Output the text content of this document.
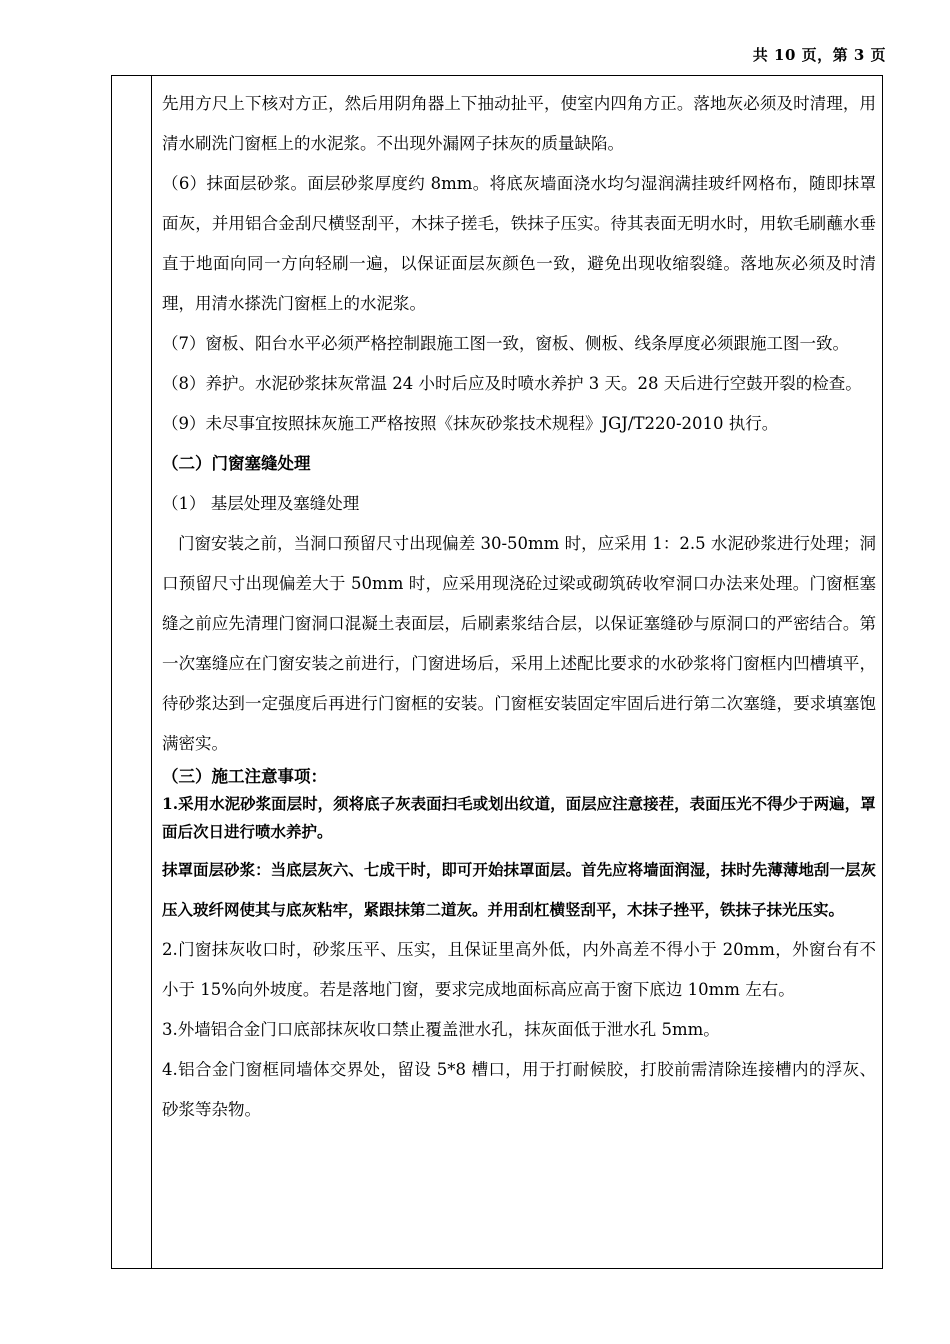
共 10 页，第 3 页

先用方尺上下核对方正，然后用阴角器上下抽动扯平，使室内四角方正。落地灰必须及时清理，用清水刷洗门窗框上的水泥浆。不出现外漏网子抹灰的质量缺陷。

（6）抹面层砂浆。面层砂浆厚度约 8mm。将底灰墙面浇水均匀湿润满挂玻纤网格布，随即抹罩面灰，并用铝合金刮尺横竖刮平，木抹子搓毛，铁抹子压实。待其表面无明水时，用软毛刷蘸水垂直于地面向同一方向轻刷一遍，以保证面层灰颜色一致，避免出现收缩裂缝。落地灰必须及时清理，用清水搽洗门窗框上的水泥浆。

（7）窗板、阳台水平必须严格控制跟施工图一致，窗板、侧板、线条厚度必须跟施工图一致。

（8）养护。水泥砂浆抹灰常温 24 小时后应及时喷水养护 3 天。28 天后进行空鼓开裂的检查。

（9）未尽事宜按照抹灰施工严格按照《抹灰砂浆技术规程》JGJ/T220-2010 执行。

（二）门窗塞缝处理

（1） 基层处理及塞缝处理

门窗安装之前，当洞口预留尺寸出现偏差 30-50mm 时，应采用 1：2.5 水泥砂浆进行处理；洞口预留尺寸出现偏差大于 50mm 时，应采用现浇砼过梁或砌筑砖收窄洞口办法来处理。门窗框塞缝之前应先清理门窗洞口混凝土表面层，后刷素浆结合层，以保证塞缝砂与原洞口的严密结合。第一次塞缝应在门窗安装之前进行，门窗进场后，采用上述配比要求的水砂浆将门窗框内凹槽填平，待砂浆达到一定强度后再进行门窗框的安装。门窗框安装固定牢固后进行第二次塞缝，要求填塞饱满密实。

（三）施工注意事项：

1.采用水泥砂浆面层时，须将底子灰表面扫毛或划出纹道，面层应注意接茬，表面压光不得少于两遍，罩面后次日进行喷水养护。

抹罩面层砂浆：当底层灰六、七成干时，即可开始抹罩面层。首先应将墙面润湿，抹时先薄薄地刮一层灰压入玻纤网使其与底灰粘牢，紧跟抹第二道灰。并用刮杠横竖刮平，木抹子挫平，铁抹子抹光压实。

2.门窗抹灰收口时，砂浆压平、压实，且保证里高外低，内外高差不得小于 20mm，外窗台有不小于 15%向外坡度。若是落地门窗，要求完成地面标高应高于窗下底边 10mm 左右。

3.外墙铝合金门口底部抹灰收口禁止覆盖泄水孔，抹灰面低于泄水孔 5mm。

4.铝合金门窗框同墙体交界处，留设 5*8 槽口，用于打耐候胶，打胶前需清除连接槽内的浮灰、砂浆等杂物。
